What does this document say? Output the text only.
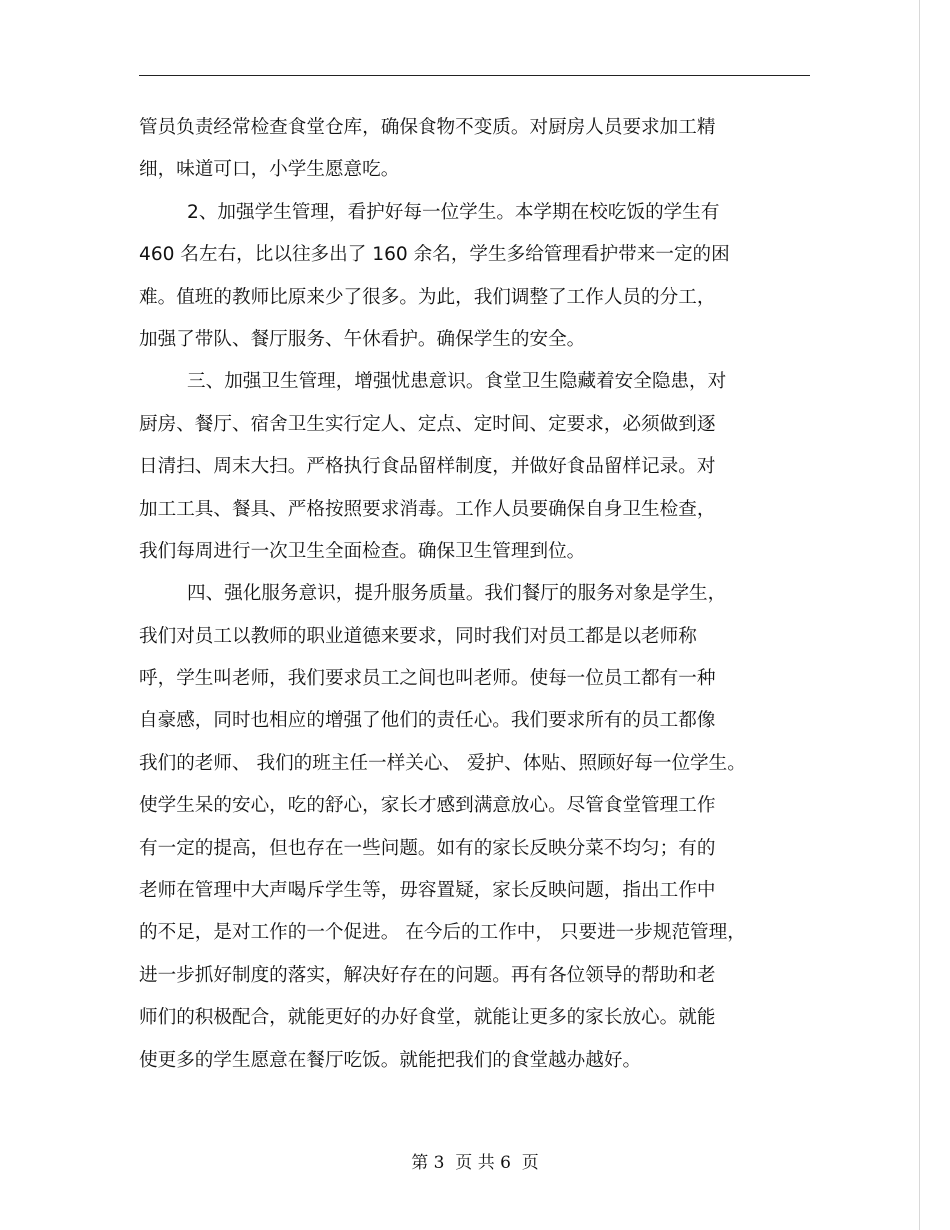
管员负责经常检查食堂仓库，确保食物不变质。对厨房人员要求加工精
细，味道可口，小学生愿意吃。
2、加强学生管理，看护好每一位学生。本学期在校吃饭的学生有
460 名左右，比以往多出了 160 余名，学生多给管理看护带来一定的困
难。值班的教师比原来少了很多。为此，我们调整了工作人员的分工，
加强了带队、餐厅服务、午休看护。确保学生的安全。
三、加强卫生管理，增强忧患意识。食堂卫生隐藏着安全隐患，对
厨房、餐厅、宿舍卫生实行定人、定点、定时间、定要求，必须做到逐
日清扫、周末大扫。严格执行食品留样制度，并做好食品留样记录。对
加工工具、餐具、严格按照要求消毒。工作人员要确保自身卫生检查，
我们每周进行一次卫生全面检查。确保卫生管理到位。
四、强化服务意识，提升服务质量。我们餐厅的服务对象是学生，
我们对员工以教师的职业道德来要求，同时我们对员工都是以老师称
呼，学生叫老师，我们要求员工之间也叫老师。使每一位员工都有一种
自豪感，同时也相应的增强了他们的责任心。我们要求所有的员工都像
我们的老师、 我们的班主任一样关心、 爱护、体贴、照顾好每一位学生。
使学生呆的安心，吃的舒心，家长才感到满意放心。尽管食堂管理工作
有一定的提高，但也存在一些问题。如有的家长反映分菜不均匀；有的
老师在管理中大声喝斥学生等，毋容置疑，家长反映问题，指出工作中
的不足，是对工作的一个促进。 在今后的工作中， 只要进一步规范管理，
进一步抓好制度的落实，解决好存在的问题。再有各位领导的帮助和老
师们的积极配合，就能更好的办好食堂，就能让更多的家长放心。就能
使更多的学生愿意在餐厅吃饭。就能把我们的食堂越办越好。
第 3  页 共 6  页
